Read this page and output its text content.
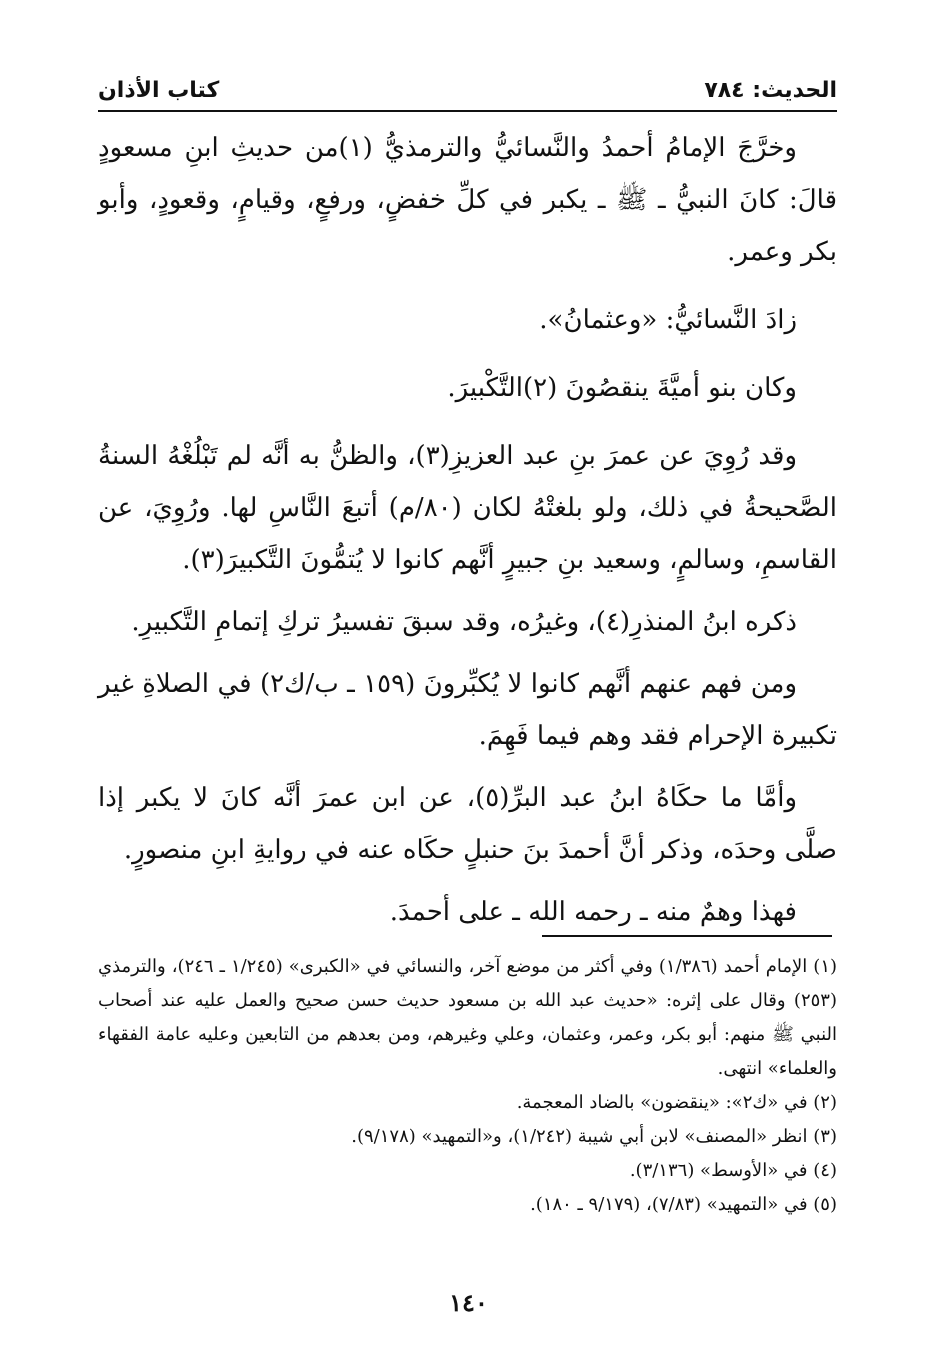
الحديث: ٧٨٤
كتاب الأذان

وخرَّجَ الإمامُ أحمدُ والنَّسائيُّ والترمذيُّ (١)من حديثِ ابنِ مسعودٍ قالَ: كانَ النبيُّ ـ ﷺ ـ يكبر في كلِّ خفضٍ، ورفعٍ، وقيامٍ، وقعودٍ، وأبو بكر وعمر.

زادَ النَّسائيُّ: «وعثمانُ».

وكان بنو أميَّةَ ينقصُونَ (٢)التَّكْبيرَ.

وقد رُوِيَ عن عمرَ بنِ عبد العزيزِ(٣)، والظنُّ به أنَّه لم تَبْلُغْهُ السنةُ الصَّحيحةُ في ذلك، ولو بلغتْهُ لكان (٨٠/م) أتبعَ النَّاسِ لها. ورُوِيَ، عن القاسمِ، وسالمٍ، وسعيد بنِ جبيرٍ أنَّهم كانوا لا يُتمُّونَ التَّكبيرَ(٣).

ذكره ابنُ المنذرِ(٤)، وغيرُه، وقد سبقَ تفسيرُ تركِ إتمامِ التَّكبيرِ.

ومن فهم عنهم أنَّهم كانوا لا يُكبِّرونَ (١٥٩ ـ ب/ك٢) في الصلاةِ غير تكبيرة الإحرام فقد وهم فيما فَهِمَ.

وأمَّا ما حكَاهُ ابنُ عبد البرِّ(٥)، عن ابن عمرَ أنَّه كانَ لا يكبر إذا صلَّى وحدَه، وذكر أنَّ أحمدَ بنَ حنبلٍ حكَاه عنه في روايةِ ابنِ منصورٍ.

فهذا وهمٌ منه ـ رحمه الله ـ على أحمدَ.

(١) الإمام أحمد (١/٣٨٦) وفي أكثر من موضع آخر، والنسائي في «الكبرى» (١/٢٤٥ ـ ٢٤٦)، والترمذي (٢٥٣) وقال على إثره: «حديث عبد الله بن مسعود حديث حسن صحيح والعمل عليه عند أصحاب النبي ﷺ منهم: أبو بكر، وعمر، وعثمان، وعلي وغيرهم، ومن بعدهم من التابعين وعليه عامة الفقهاء والعلماء» انتهى.

(٢) في «ك٢»: «ينقضون» بالضاد المعجمة.

(٣) انظر «المصنف» لابن أبي شيبة (١/٢٤٢)، و«التمهيد» (٩/١٧٨).

(٤) في «الأوسط» (٣/١٣٦).

(٥) في «التمهيد» (٧/٨٣)، (٩/١٧٩ ـ ١٨٠).

١٤٠
